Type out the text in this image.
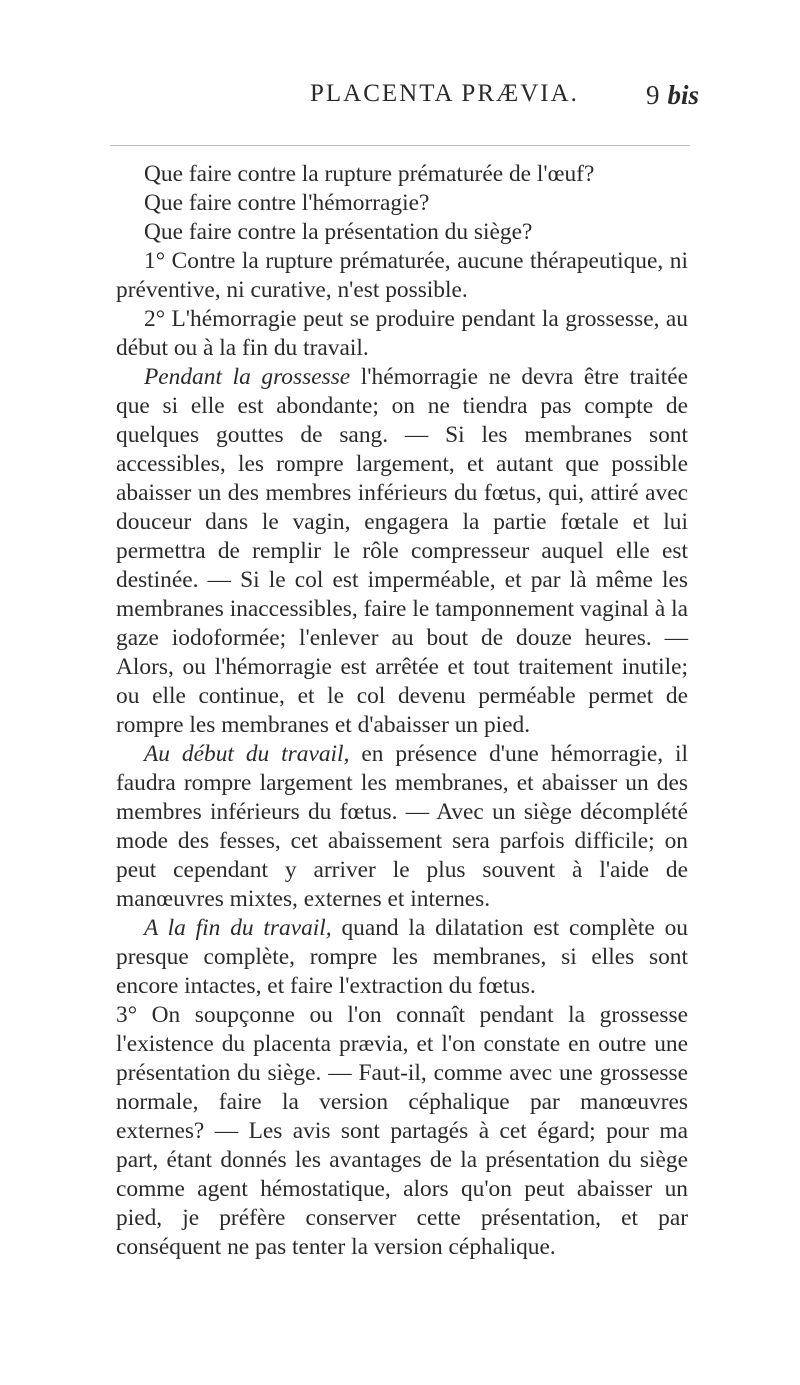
PLACENTA PRÆVIA. 9 bis

Que faire contre la rupture prématurée de l'œuf?

Que faire contre l'hémorragie?

Que faire contre la présentation du siège?

1° Contre la rupture prématurée, aucune thérapeutique, ni préventive, ni curative, n'est possible.

2° L'hémorragie peut se produire pendant la grossesse, au début ou à la fin du travail.

Pendant la grossesse l'hémorragie ne devra être traitée que si elle est abondante; on ne tiendra pas compte de quelques gouttes de sang. — Si les membranes sont accessibles, les rompre largement, et autant que possible abaisser un des membres inférieurs du fœtus, qui, attiré avec douceur dans le vagin, engagera la partie fœtale et lui permettra de remplir le rôle compresseur auquel elle est destinée. — Si le col est imperméable, et par là même les membranes inaccessibles, faire le tamponnement vaginal à la gaze iodoformée; l'enlever au bout de douze heures. — Alors, ou l'hémorragie est arrêtée et tout traitement inutile; ou elle continue, et le col devenu perméable permet de rompre les membranes et d'abaisser un pied.

Au début du travail, en présence d'une hémorragie, il faudra rompre largement les membranes, et abaisser un des membres inférieurs du fœtus. — Avec un siège décomplété mode des fesses, cet abaissement sera parfois difficile; on peut cependant y arriver le plus souvent à l'aide de manœuvres mixtes, externes et internes.

A la fin du travail, quand la dilatation est complète ou presque complète, rompre les membranes, si elles sont encore intactes, et faire l'extraction du fœtus.

3° On soupçonne ou l'on connaît pendant la grossesse l'existence du placenta prævia, et l'on constate en outre une présentation du siège. — Faut-il, comme avec une grossesse normale, faire la version céphalique par manœuvres externes? — Les avis sont partagés à cet égard; pour ma part, étant donnés les avantages de la présentation du siège comme agent hémostatique, alors qu'on peut abaisser un pied, je préfère conserver cette présentation, et par conséquent ne pas tenter la version céphalique.
